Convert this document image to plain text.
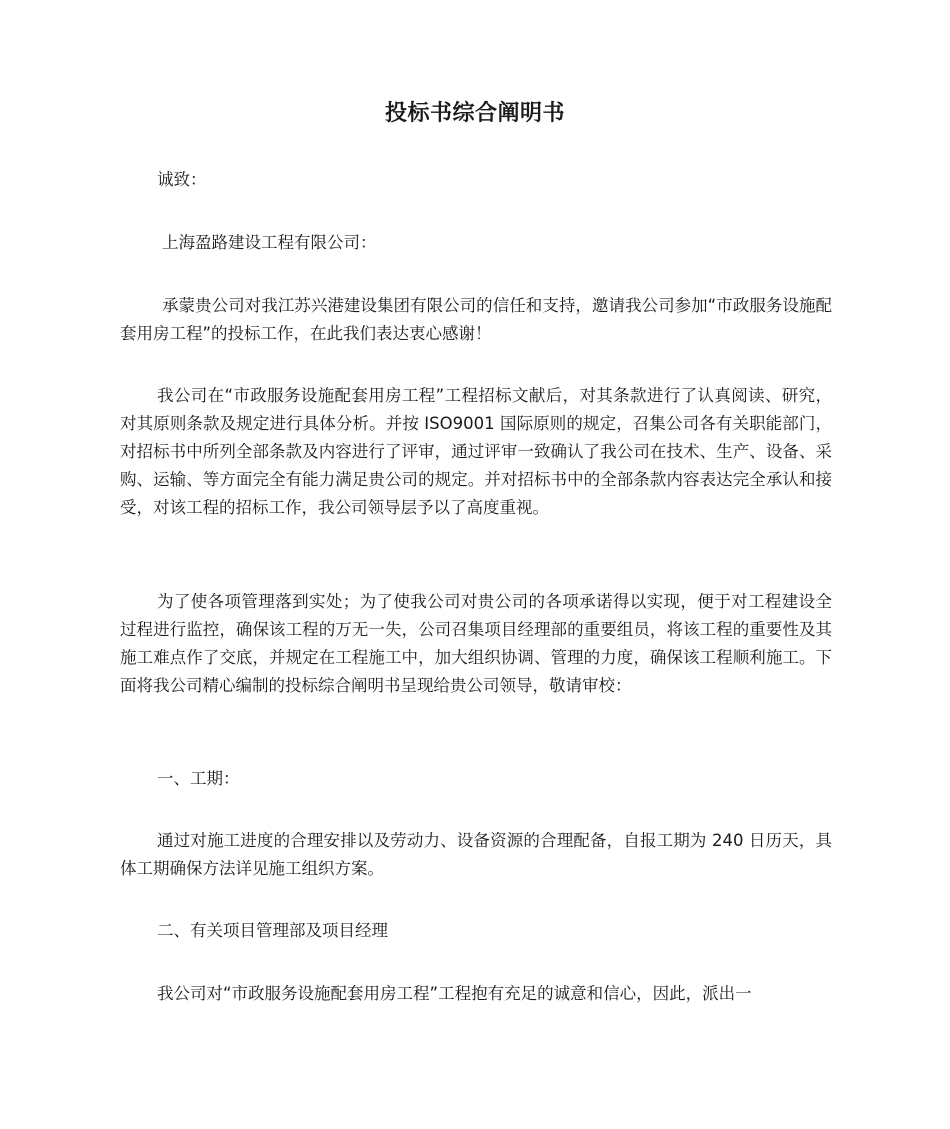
投标书综合阐明书

诚致：

上海盈路建设工程有限公司：

承蒙贵公司对我江苏兴港建设集团有限公司的信任和支持，邀请我公司参加“市政服务设施配套用房工程”的投标工作，在此我们表达衷心感谢！

我公司在“市政服务设施配套用房工程”工程招标文献后，对其条款进行了认真阅读、研究，对其原则条款及规定进行具体分析。并按 ISO9001 国际原则的规定，召集公司各有关职能部门，对招标书中所列全部条款及内容进行了评审，通过评审一致确认了我公司在技术、生产、设备、采购、运输、等方面完全有能力满足贵公司的规定。并对招标书中的全部条款内容表达完全承认和接受，对该工程的招标工作，我公司领导层予以了高度重视。

为了使各项管理落到实处；为了使我公司对贵公司的各项承诺得以实现，便于对工程建设全过程进行监控，确保该工程的万无一失，公司召集项目经理部的重要组员，将该工程的重要性及其施工难点作了交底，并规定在工程施工中，加大组织协调、管理的力度，确保该工程顺利施工。下面将我公司精心编制的投标综合阐明书呈现给贵公司领导，敬请审校：

一、工期：

通过对施工进度的合理安排以及劳动力、设备资源的合理配备，自报工期为 240 日历天，具体工期确保方法详见施工组织方案。

二、有关项目管理部及项目经理

我公司对“市政服务设施配套用房工程”工程抱有充足的诚意和信心，因此，派出一
